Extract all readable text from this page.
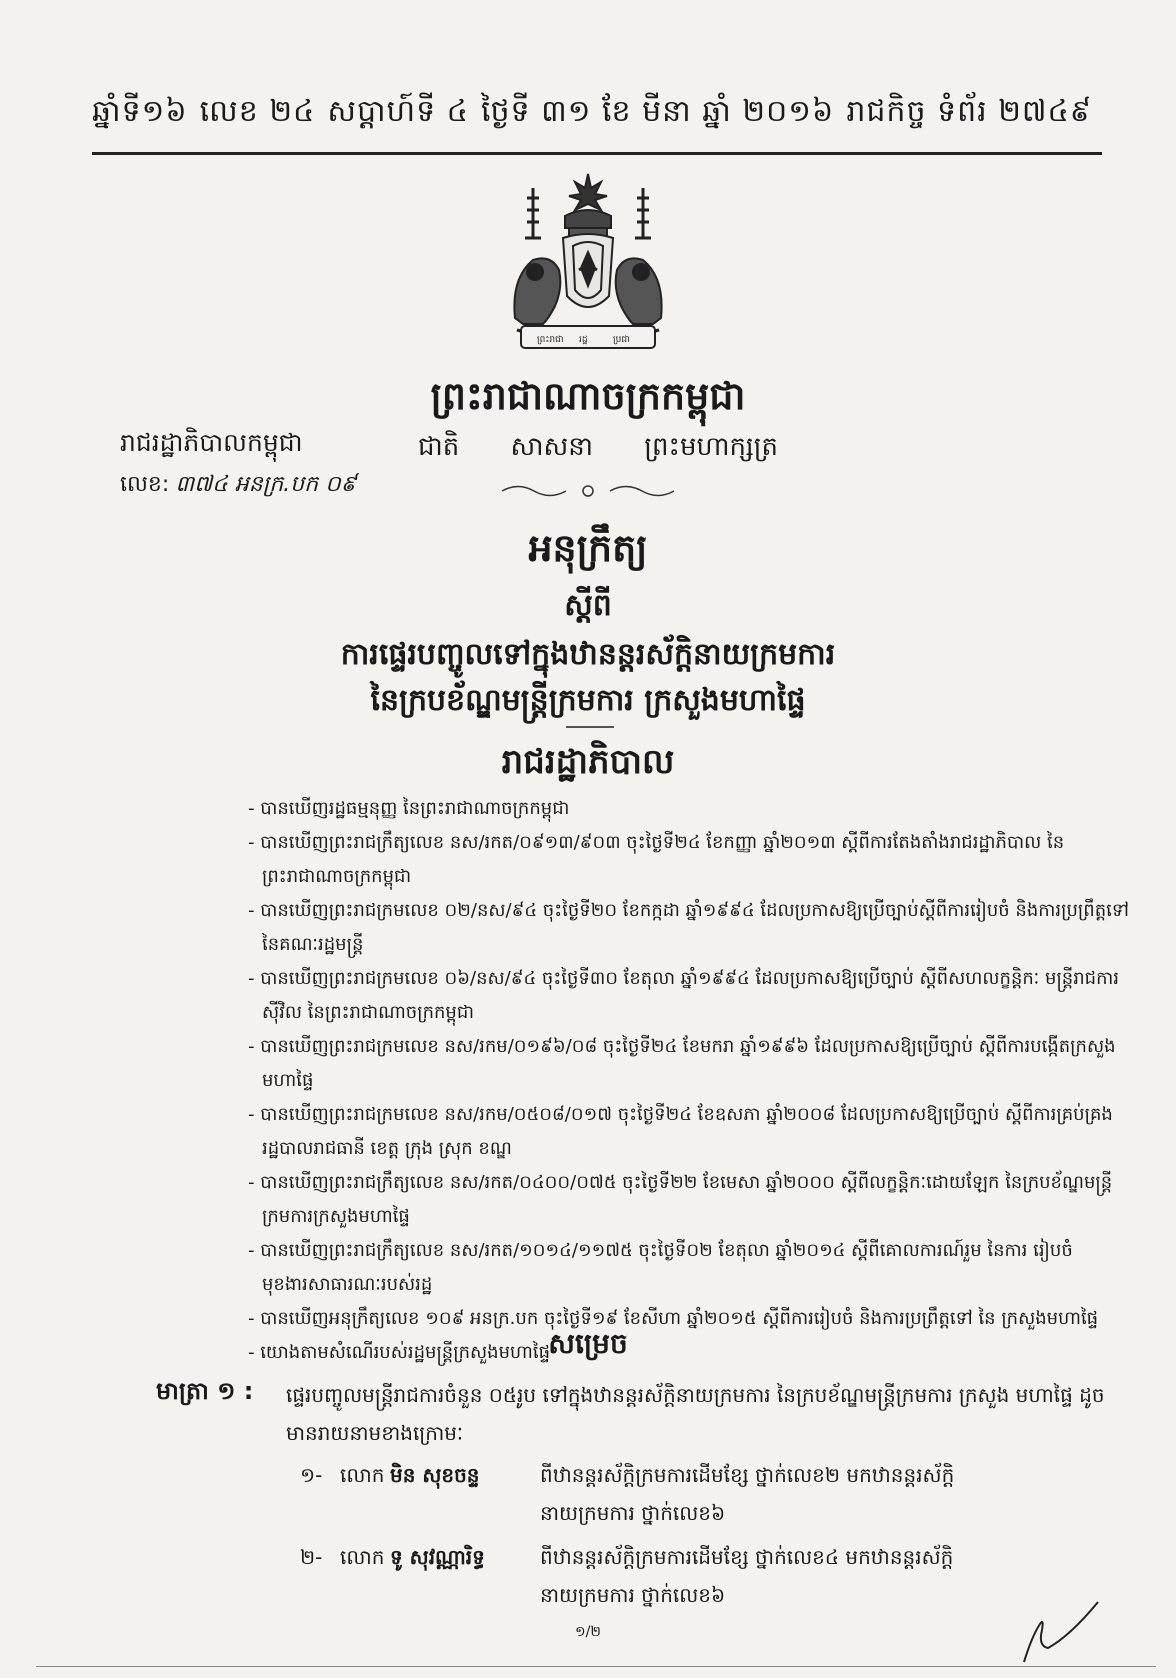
ឆ្នាំទី១៦ លេខ ២៤ សប្តាហ៍ទី ៤ ថ្ងៃទី ៣១ ខែ មីនា ឆ្នាំ ២០១៦ រាជកិច្ច ទំព័រ ២៧៤៩
ព្រះរាជា រដ្ឋ	ប្រជា
ព្រះរាជាណាចក្រកម្ពុជា
រាជរដ្ឋាភិបាលកម្ពុជា
លេខ: ៣៧៤ អនក្រ.បក ០៩
ជាតិ សាសនា ព្រះមហាក្សត្រ
អនុក្រឹត្យ
ស្តីពី
ការផ្ទេរបញ្ចូលទៅក្នុងឋានន្តរស័ក្តិនាយក្រមការ
នៃក្របខ័ណ្ឌមន្ត្រីក្រមការ ក្រសួងមហាផ្ទៃ
រាជរដ្ឋាភិបាល
- បានឃើញរដ្ឋធម្មនុញ្ញ នៃព្រះរាជាណាចក្រកម្ពុជា
- បានឃើញព្រះរាជក្រឹត្យលេខ នស/រកត/០៩១៣/៩០៣ ចុះថ្ងៃទី២៤ ខែកញ្ញា ឆ្នាំ២០១៣ ស្តីពីការតែងតាំងរាជរដ្ឋាភិបាល នៃព្រះរាជាណាចក្រកម្ពុជា
- បានឃើញព្រះរាជក្រមលេខ ០២/នស/៩៤ ចុះថ្ងៃទី២០ ខែកក្កដា ឆ្នាំ១៩៩៤ ដែលប្រកាសឱ្យប្រើច្បាប់ស្តីពីការរៀបចំ និងការប្រព្រឹត្តទៅ នៃគណៈរដ្ឋមន្ត្រី
- បានឃើញព្រះរាជក្រមលេខ ០៦/នស/៩៤ ចុះថ្ងៃទី៣០ ខែតុលា ឆ្នាំ១៩៩៤ ដែលប្រកាសឱ្យប្រើច្បាប់ ស្តីពីសហលក្ខន្តិកៈ មន្ត្រីរាជការស៊ីវិល នៃព្រះរាជាណាចក្រកម្ពុជា
- បានឃើញព្រះរាជក្រមលេខ នស/រកម/០១៩៦/០៨ ចុះថ្ងៃទី២៤ ខែមករា ឆ្នាំ១៩៩៦ ដែលប្រកាសឱ្យប្រើច្បាប់ ស្តីពីការបង្កើតក្រសួងមហាផ្ទៃ
- បានឃើញព្រះរាជក្រមលេខ នស/រកម/០៥០៨/០១៧ ចុះថ្ងៃទី២៤ ខែឧសភា ឆ្នាំ២០០៨ ដែលប្រកាសឱ្យប្រើច្បាប់ ស្តីពីការគ្រប់គ្រងរដ្ឋបាលរាជធានី ខេត្ត ក្រុង ស្រុក ខណ្ឌ
- បានឃើញព្រះរាជក្រឹត្យលេខ នស/រកត/០៤០០/០៧៥ ចុះថ្ងៃទី២២ ខែមេសា ឆ្នាំ២០០០ ស្តីពីលក្ខន្តិកៈដោយឡែក នៃក្របខ័ណ្ឌមន្ត្រីក្រមការក្រសួងមហាផ្ទៃ
- បានឃើញព្រះរាជក្រឹត្យលេខ នស/រកត/១០១៤/១១៧៥ ចុះថ្ងៃទី០២ ខែតុលា ឆ្នាំ២០១៤ ស្តីពីគោលការណ៍រួម នៃការ រៀបចំមុខងារសាធារណៈរបស់រដ្ឋ
- បានឃើញអនុក្រឹត្យលេខ ១០៩ អនក្រ.បក ចុះថ្ងៃទី១៩ ខែសីហា ឆ្នាំ២០១៥ ស្តីពីការរៀបចំ និងការប្រព្រឹត្តទៅ នៃ ក្រសួងមហាផ្ទៃ
- យោងតាមសំណើរបស់រដ្ឋមន្ត្រីក្រសួងមហាផ្ទៃ
សម្រេច
មាត្រា ១ : ផ្ទេរបញ្ចូលមន្ត្រីរាជការចំនួន ០៥រូប ទៅក្នុងឋានន្តរស័ក្តិនាយក្រមការ នៃក្របខ័ណ្ឌមន្ត្រីក្រមការ ក្រសួង មហាផ្ទៃ ដូចមានរាយនាមខាងក្រោមៈ
១- លោក មិន សុខចន្ទ	ពីឋានន្តរស័ក្តិក្រមការដើមខ្សែ ថ្នាក់លេខ២ មកឋានន្តរស័ក្តិ
នាយក្រមការ ថ្នាក់លេខ៦
២- លោក ទូ សុវណ្ណារិទ្ធ	ពីឋានន្តរស័ក្តិក្រមការដើមខ្សែ ថ្នាក់លេខ៤ មកឋានន្តរស័ក្តិ
នាយក្រមការ ថ្នាក់លេខ៦
១/២
